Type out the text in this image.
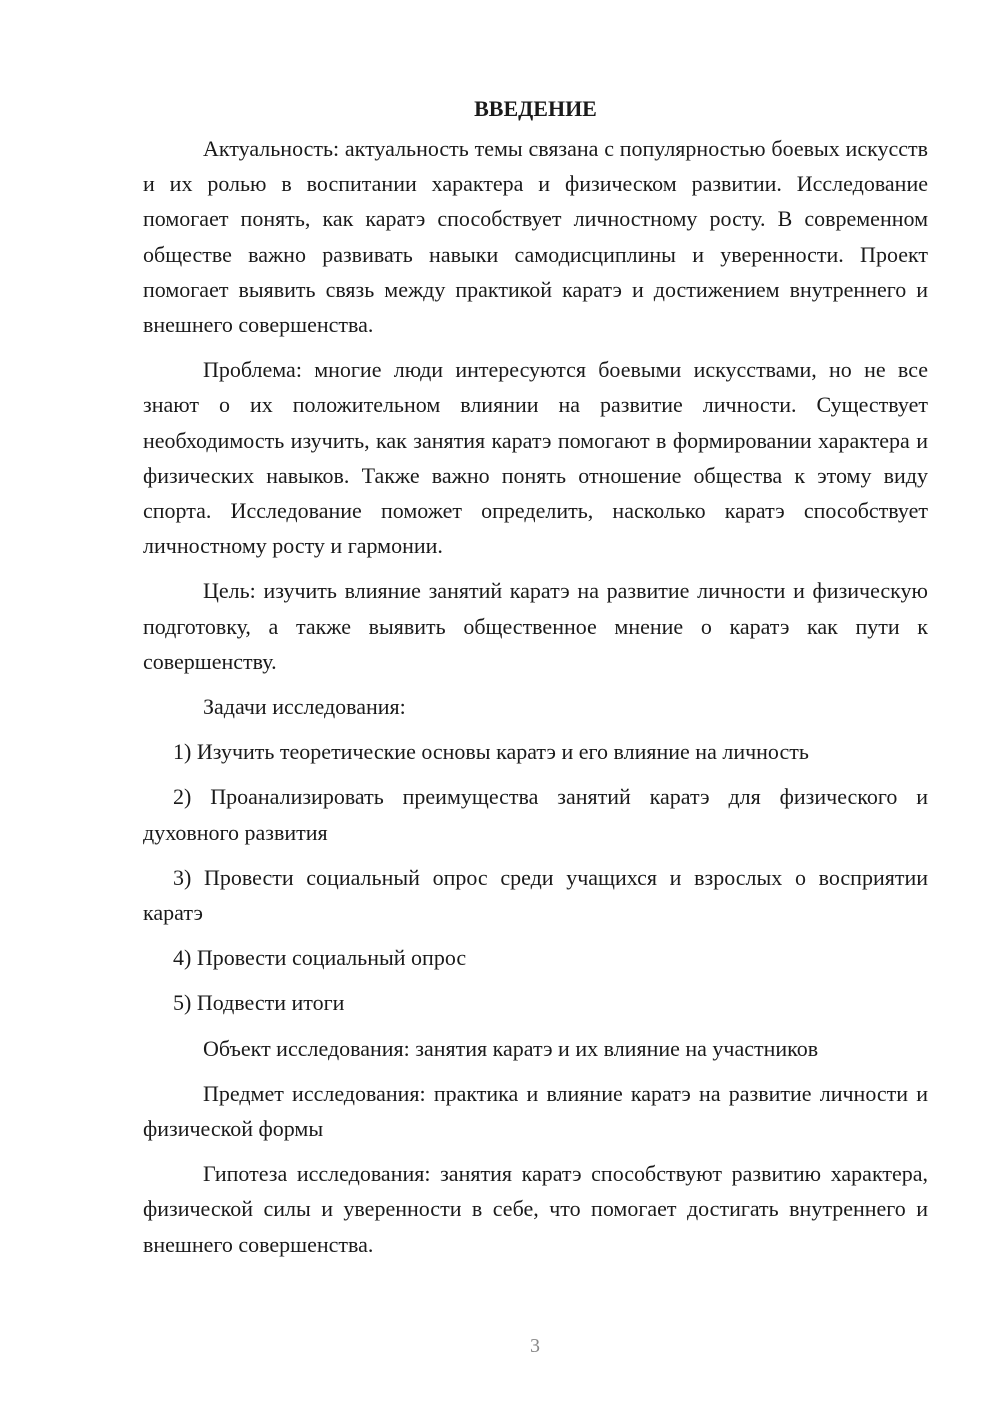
ВВЕДЕНИЕ

Актуальность: актуальность темы связана с популярностью боевых искусств и их ролью в воспитании характера и физическом развитии. Исследование помогает понять, как каратэ способствует личностному росту. В современном обществе важно развивать навыки самодисциплины и уверенности. Проект помогает выявить связь между практикой каратэ и достижением внутреннего и внешнего совершенства.

Проблема: многие люди интересуются боевыми искусствами, но не все знают о их положительном влиянии на развитие личности. Существует необходимость изучить, как занятия каратэ помогают в формировании характера и физических навыков. Также важно понять отношение общества к этому виду спорта. Исследование поможет определить, насколько каратэ способствует личностному росту и гармонии.

Цель: изучить влияние занятий каратэ на развитие личности и физическую подготовку, а также выявить общественное мнение о каратэ как пути к совершенству.

Задачи исследования:

1) Изучить теоретические основы каратэ и его влияние на личность

2) Проанализировать преимущества занятий каратэ для физического и духовного развития

3) Провести социальный опрос среди учащихся и взрослых о восприятии каратэ

4) Провести социальный опрос

5) Подвести итоги

Объект исследования: занятия каратэ и их влияние на участников

Предмет исследования: практика и влияние каратэ на развитие личности и физической формы

Гипотеза исследования: занятия каратэ способствуют развитию характера, физической силы и уверенности в себе, что помогает достигать внутреннего и внешнего совершенства.

3
